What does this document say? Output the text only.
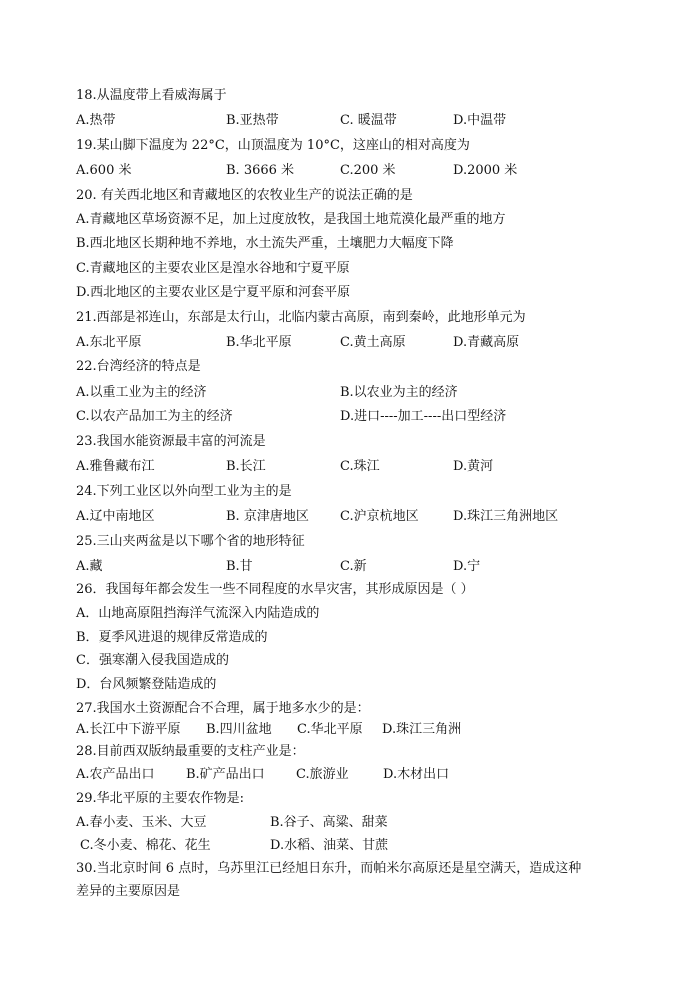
18.从温度带上看威海属于
A.热带	B.亚热带	C. 暖温带	D.中温带
19.某山脚下温度为 22°C，山顶温度为 10°C，这座山的相对高度为
A.600 米	B. 3666 米	C.200 米	D.2000 米
20. 有关西北地区和青藏地区的农牧业生产的说法正确的是
A.青藏地区草场资源不足，加上过度放牧，是我国土地荒漠化最严重的地方
B.西北地区长期种地不养地，水土流失严重，土壤肥力大幅度下降
C.青藏地区的主要农业区是湟水谷地和宁夏平原
D.西北地区的主要农业区是宁夏平原和河套平原
21.西部是祁连山，东部是太行山，北临内蒙古高原，南到秦岭，此地形单元为
A.东北平原	B.华北平原	C.黄土高原	D.青藏高原
22.台湾经济的特点是
A.以重工业为主的经济	B.以农业为主的经济
C.以农产品加工为主的经济	D.进口----加工----出口型经济
23.我国水能资源最丰富的河流是
A.雅鲁藏布江	B.长江	C.珠江	D.黄河
24.下列工业区以外向型工业为主的是
A.辽中南地区	B. 京津唐地区 C.沪京杭地区	D.珠江三角洲地区
25.三山夹两盆是以下哪个省的地形特征
A.藏	B.甘	C.新	D.宁
26．我国每年都会发生一些不同程度的水旱灾害，其形成原因是（ ）
A．山地高原阻挡海洋气流深入内陆造成的
B．夏季风进退的规律反常造成的
C．强寒潮入侵我国造成的
D．台风频繁登陆造成的
27.我国水土资源配合不合理，属于地多水少的是：
A.长江中下游平原 B.四川盆地 C.华北平原 D.珠江三角洲
28.目前西双版纳最重要的支柱产业是：
A.农产品出口 B.矿产品出口 C.旅游业	D.木材出口
29.华北平原的主要农作物是:
A.春小麦、玉米、大豆	B.谷子、高粱、甜菜
C.冬小麦、棉花、花生	D.水稻、油菜、甘蔗
30.当北京时间 6 点时，乌苏里江已经旭日东升，而帕米尔高原还是星空满天，造成这种
差异的主要原因是
